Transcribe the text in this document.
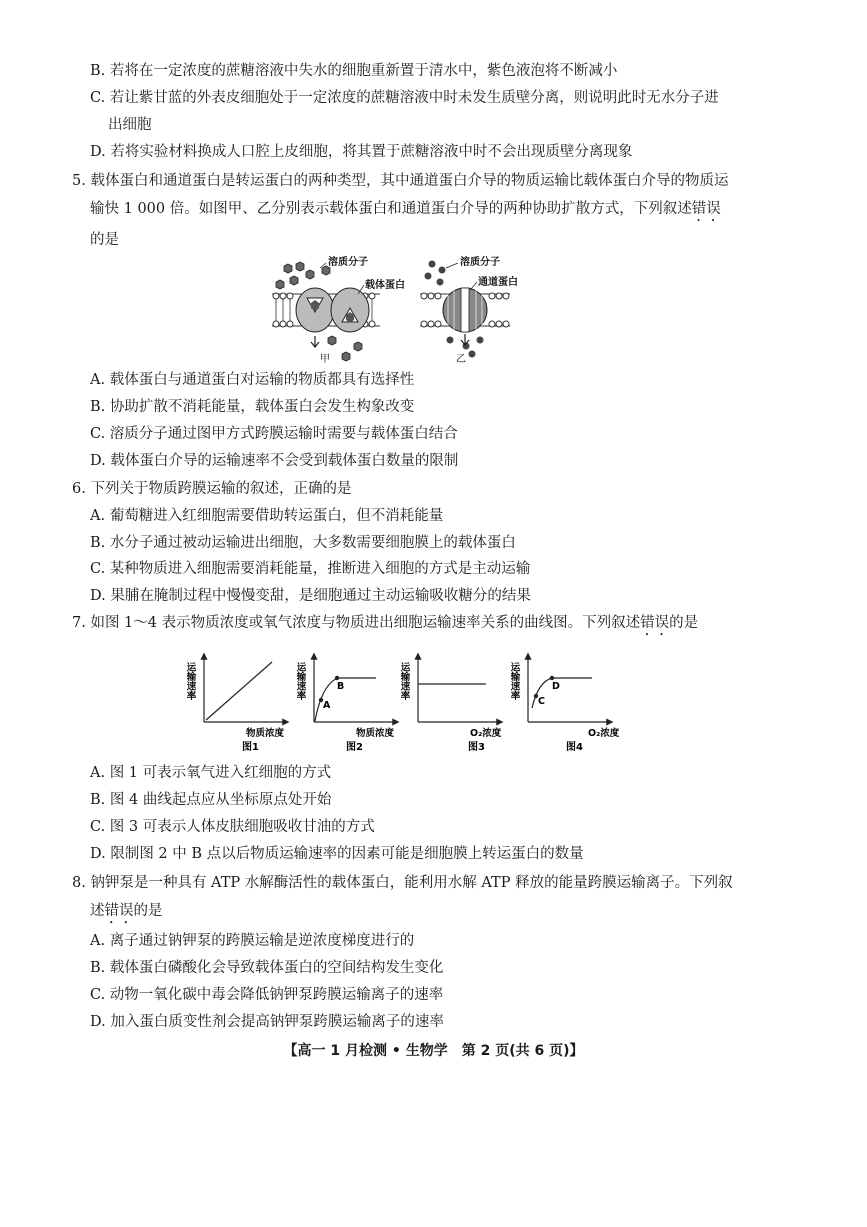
B. 若将在一定浓度的蔗糖溶液中失水的细胞重新置于清水中，紫色液泡将不断减小
C. 若让紫甘蓝的外表皮细胞处于一定浓度的蔗糖溶液中时未发生质壁分离，则说明此时无水分子进
出细胞
D. 若将实验材料换成人口腔上皮细胞，将其置于蔗糖溶液中时不会出现质壁分离现象
5. 载体蛋白和通道蛋白是转运蛋白的两种类型，其中通道蛋白介导的物质运输比载体蛋白介导的物质运
输快 1 000 倍。如图甲、乙分别表示载体蛋白和通道蛋白介导的两种协助扩散方式，下列叙述错误
的是
溶质分子
载体蛋白
甲
溶质分子
通道蛋白
乙
A. 载体蛋白与通道蛋白对运输的物质都具有选择性
B. 协助扩散不消耗能量，载体蛋白会发生构象改变
C. 溶质分子通过图甲方式跨膜运输时需要与载体蛋白结合
D. 载体蛋白介导的运输速率不会受到载体蛋白数量的限制
6. 下列关于物质跨膜运输的叙述，正确的是
A. 葡萄糖进入红细胞需要借助转运蛋白，但不消耗能量
B. 水分子通过被动运输进出细胞，大多数需要细胞膜上的载体蛋白
C. 某种物质进入细胞需要消耗能量，推断进入细胞的方式是主动运输
D. 果脯在腌制过程中慢慢变甜，是细胞通过主动运输吸收糖分的结果
7. 如图 1～4 表示物质浓度或氧气浓度与物质进出细胞运输速率关系的曲线图。下列叙述错误的是
运输速率
物质浓度
图1
A
B
运输速率
物质浓度
图2
运输速率
O₂浓度
图3
C
D
运输速率
O₂浓度
图4
A. 图 1 可表示氧气进入红细胞的方式
B. 图 4 曲线起点应从坐标原点处开始
C. 图 3 可表示人体皮肤细胞吸收甘油的方式
D. 限制图 2 中 B 点以后物质运输速率的因素可能是细胞膜上转运蛋白的数量
8. 钠钾泵是一种具有 ATP 水解酶活性的载体蛋白，能利用水解 ATP 释放的能量跨膜运输离子。下列叙
述错误的是
A. 离子通过钠钾泵的跨膜运输是逆浓度梯度进行的
B. 载体蛋白磷酸化会导致载体蛋白的空间结构发生变化
C. 动物一氧化碳中毒会降低钠钾泵跨膜运输离子的速率
D. 加入蛋白质变性剂会提高钠钾泵跨膜运输离子的速率
【高一 1 月检测 • 生物学　第 2 页(共 6 页)】
